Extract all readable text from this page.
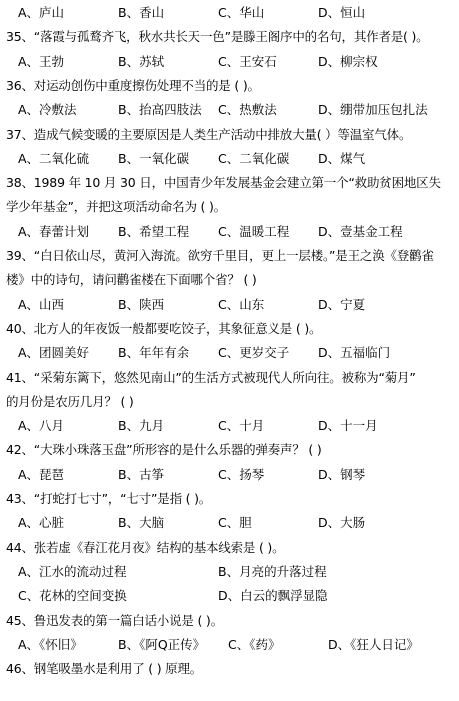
A、庐山	B、香山	C、华山	D、恒山
35、“落霞与孤鹜齐飞，秋水共长天一色”是滕王阁序中的名句，其作者是( )。
A、王勃	B、苏轼	C、王安石	D、柳宗权
36、对运动创伤中重度擦伤处理不当的是 ( )。
A、冷敷法	B、抬高四肢法 C、热敷法	D、绷带加压包扎法
37、造成气候变暖的主要原因是人类生产活动中排放大量( ）等温室气体。
A、二氧化硫 B、一氧化碳 C、二氧化碳 D、煤气
38、1989 年 10 月 30 日，中国青少年发展基金会建立第一个“救助贫困地区失
学少年基金”，并把这项活动命名为 ( )。
A、春蕾计划 B、希望工程 C、温暖工程 D、壹基金工程
39、“白日依山尽，黄河入海流。欲穷千里目，更上一层楼。”是王之涣《登鹳雀
楼》中的诗句，请问鹳雀楼在下面哪个省？ ( )
A、山西	B、陕西	C、山东	D、宁夏
40、北方人的年夜饭一般都要吃饺子，其象征意义是 ( )。
A、团圆美好 B、年年有余 C、更岁交子 D、五福临门
41、“采菊东篱下，悠然见南山”的生活方式被现代人所向往。被称为“菊月”
的月份是农历几月？ ( )
A、八月	B、九月	C、十月	D、十一月
42、“大珠小珠落玉盘”所形容的是什么乐器的弹奏声？ ( )
A、琵琶	B、古筝	C、扬琴	D、钢琴
43、“打蛇打七寸”，“七寸”是指 ( )。
A、心脏	B、大脑	C、胆	D、大肠
44、张若虚《春江花月夜》结构的基本线索是 ( )。
A、江水的流动过程	B、月亮的升落过程
C、花林的空间变换	D、白云的飘浮显隐
45、鲁迅发表的第一篇白话小说是 ( )。
A、《怀旧》	B、《阿Q正传》 C、《药》	D、《狂人日记》
46、钢笔吸墨水是利用了 ( ) 原理。
